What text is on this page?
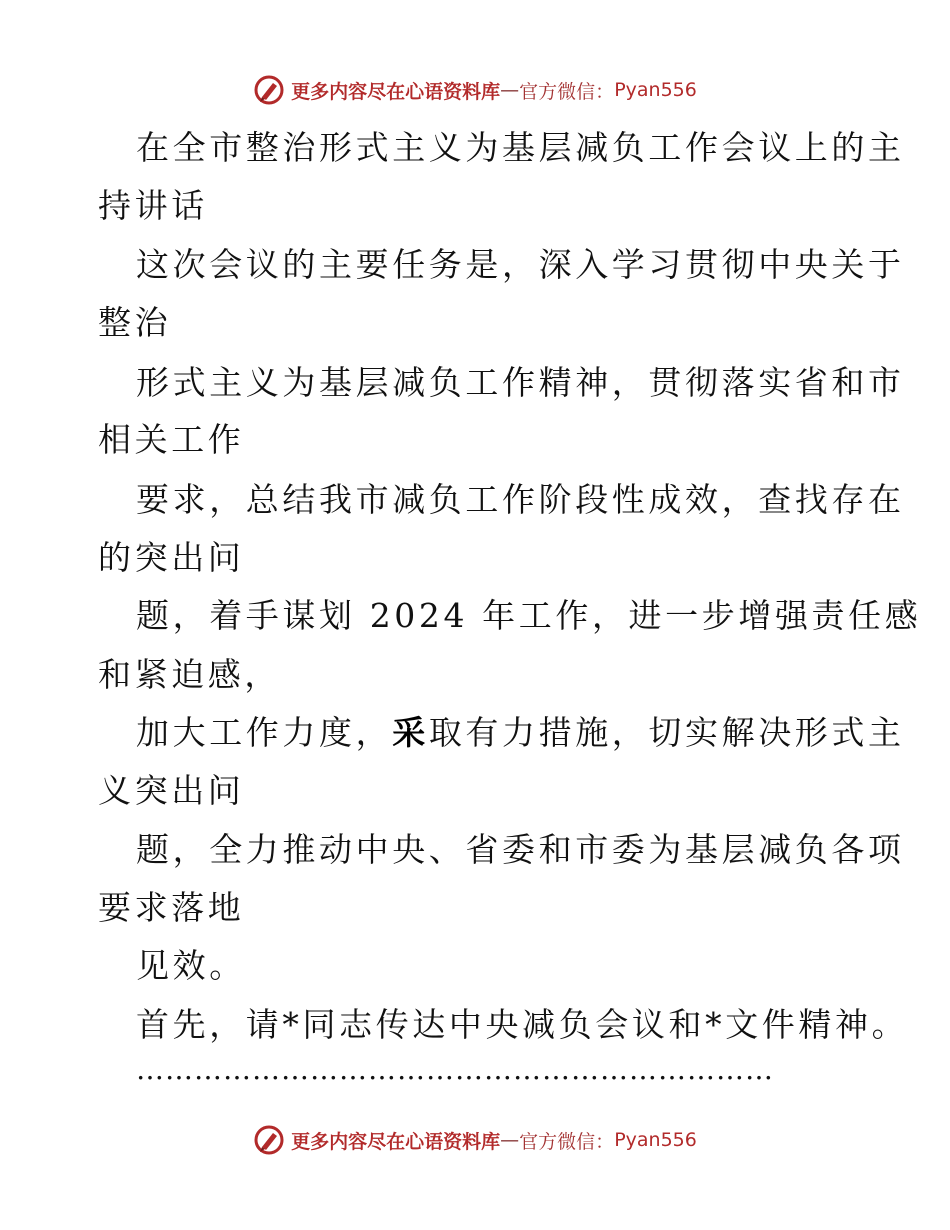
更多内容尽在心语资料库 — 官方微信： Pyan556
在全市整治形式主义为基层减负工作会议上的主
持讲话
这次会议的主要任务是，深入学习贯彻中央关于
整治
形式主义为基层减负工作精神，贯彻落实省和市
相关工作
要求，总结我市减负工作阶段性成效，查找存在
的突出问
题，着手谋划 2024 年工作，进一步增强责任感
和紧迫感，
加大工作力度，采取有力措施，切实解决形式主
义突出问
题，全力推动中央、省委和市委为基层减负各项
要求落地
见效。
首先，请*同志传达中央减负会议和*文件精神。
…………………………………………………………
更多内容尽在心语资料库 — 官方微信： Pyan556
